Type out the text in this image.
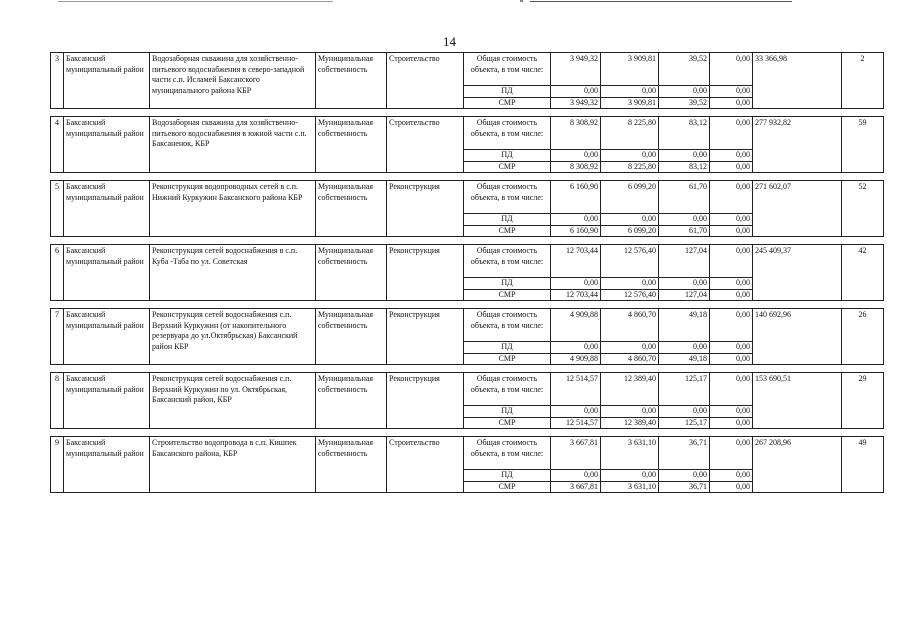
14
3	Баксанский муниципальный район	Водозаборная скважина для хозяйственно-питьевого водоснабжения в северо-западной части с.п. Исламей Баксанского муниципального района КБР	Муниципальная собственность	Строительство	Общая стоимость объекта, в том числе:	3 949,32	3 909,81	39,52	0,00	33 366,98	2
					ПД	0,00	0,00	0,00	0,00		
					СМР	3 949,32	3 909,81	39,52	0,00		

4	Баксанский муниципальный район	Водозаборная скважина для хозяйственно-питьевого водоснабжения в южной части с.п. Баксаненок, КБР	Муниципальная собственность	Строительство	Общая стоимость объекта, в том числе:	8 308,92	8 225,80	83,12	0,00	277 932,82	59
					ПД	0,00	0,00	0,00	0,00		
					СМР	8 308,92	8 225,80	83,12	0,00		

5	Баксанский муниципальный район	Реконструкция водопроводных сетей в с.п. Нижний Куркужин Баксанского района КБР	Муниципальная собственность	Реконструкция	Общая стоимость объекта, в том числе:	6 160,90	6 099,20	61,70	0,00	271 602,07	52
					ПД	0,00	0,00	0,00	0,00		
					СМР	6 160,90	6 099,20	61,70	0,00		

6	Баксанский муниципальный район	Реконструкция сетей водоснабжения в с.п. Куба -Таба по ул. Советская	Муниципальная собственность	Реконструкция	Общая стоимость объекта, в том числе:	12 703,44	12 576,40	127,04	0,00	245 409,37	42
					ПД	0,00	0,00	0,00	0,00		
					СМР	12 703,44	12 576,40	127,04	0,00		

7	Баксанский муниципальный район	Реконструкция сетей водоснабжения с.п. Верхний Куркужин (от накопительного резервуара до ул.Октябрьская) Баксанский район КБР	Муниципальная собственность	Реконструкция	Общая стоимость объекта, в том числе:	4 909,88	4 860,70	49,18	0,00	140 692,96	26
					ПД	0,00	0,00	0,00	0,00		
					СМР	4 909,88	4 860,70	49,18	0,00		

8	Баксанский муниципальный район	Реконструкция сетей водоснабжения с.п. Верхний Куркужин по ул. Октябрьская, Баксанский район, КБР	Муниципальная собственность	Реконструкция	Общая стоимость объекта, в том числе:	12 514,57	12 389,40	125,17	0,00	153 690,51	29
					ПД	0,00	0,00	0,00	0,00		
					СМР	12 514,57	12 389,40	125,17	0,00		

9	Баксанский муниципальный район	Строительство водопровода в с.п. Кишпек Баксанского района, КБР	Муниципальная собственность	Строительство	Общая стоимость объекта, в том числе:	3 667,81	3 631,10	36,71	0,00	267 208,96	49
					ПД	0,00	0,00	0,00	0,00		
					СМР	3 667,81	3 631,10	36,71	0,00		
